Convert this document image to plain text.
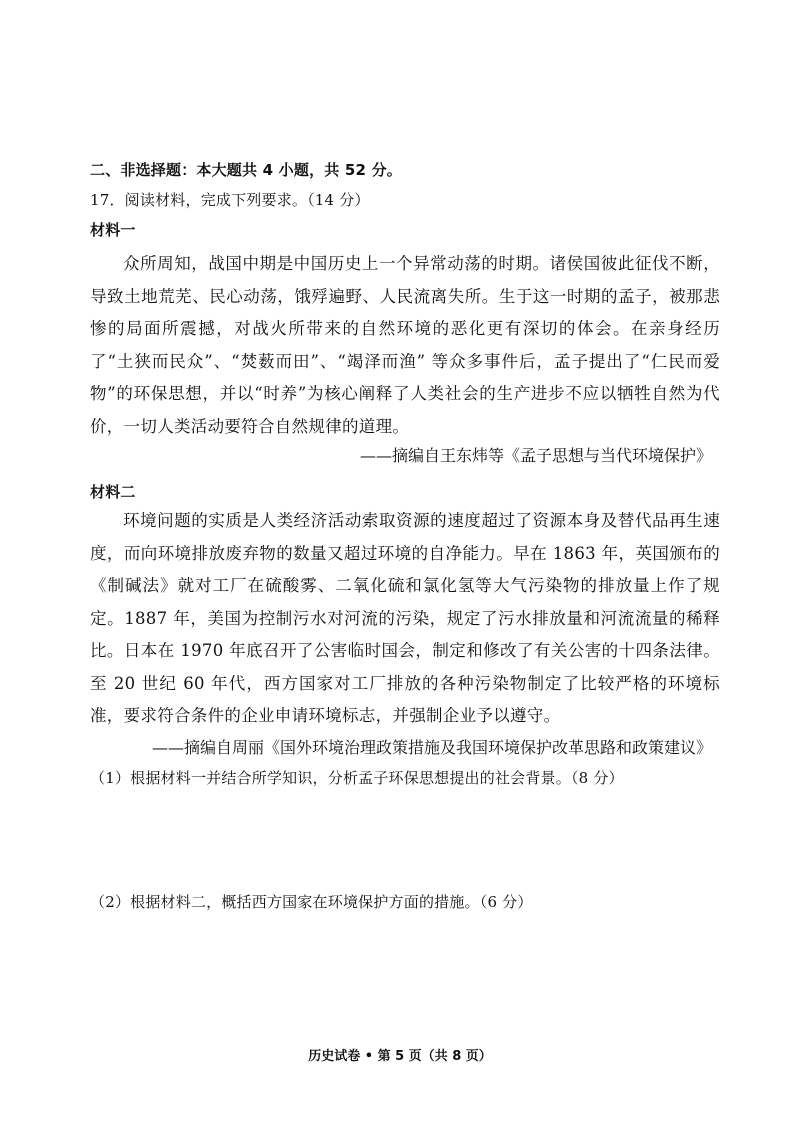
二、非选择题：本大题共 4 小题，共 52 分。
17．阅读材料，完成下列要求。（14 分）
材料一
众所周知，战国中期是中国历史上一个异常动荡的时期。诸侯国彼此征伐不断，导致土地荒芜、民心动荡，饿殍遍野、人民流离失所。生于这一时期的孟子，被那悲惨的局面所震撼，对战火所带来的自然环境的恶化更有深切的体会。在亲身经历了“土狭而民众”、“焚薮而田”、“竭泽而渔” 等众多事件后，孟子提出了“仁民而爱物”的环保思想，并以“时养”为核心阐释了人类社会的生产进步不应以牺牲自然为代价，一切人类活动要符合自然规律的道理。
——摘编自王东炜等《孟子思想与当代环境保护》
材料二
环境问题的实质是人类经济活动索取资源的速度超过了资源本身及替代品再生速度，而向环境排放废弃物的数量又超过环境的自净能力。早在 1863 年，英国颁布的《制碱法》就对工厂在硫酸雾、二氧化硫和氯化氢等大气污染物的排放量上作了规定。1887 年，美国为控制污水对河流的污染，规定了污水排放量和河流流量的稀释比。日本在 1970 年底召开了公害临时国会，制定和修改了有关公害的十四条法律。至 20 世纪 60 年代，西方国家对工厂排放的各种污染物制定了比较严格的环境标准，要求符合条件的企业申请环境标志，并强制企业予以遵守。
——摘编自周丽《国外环境治理政策措施及我国环境保护改革思路和政策建议》
（1）根据材料一并结合所学知识，分析孟子环保思想提出的社会背景。（8 分）
（2）根据材料二，概括西方国家在环境保护方面的措施。（6 分）
历史试卷 • 第 5 页（共 8 页）
